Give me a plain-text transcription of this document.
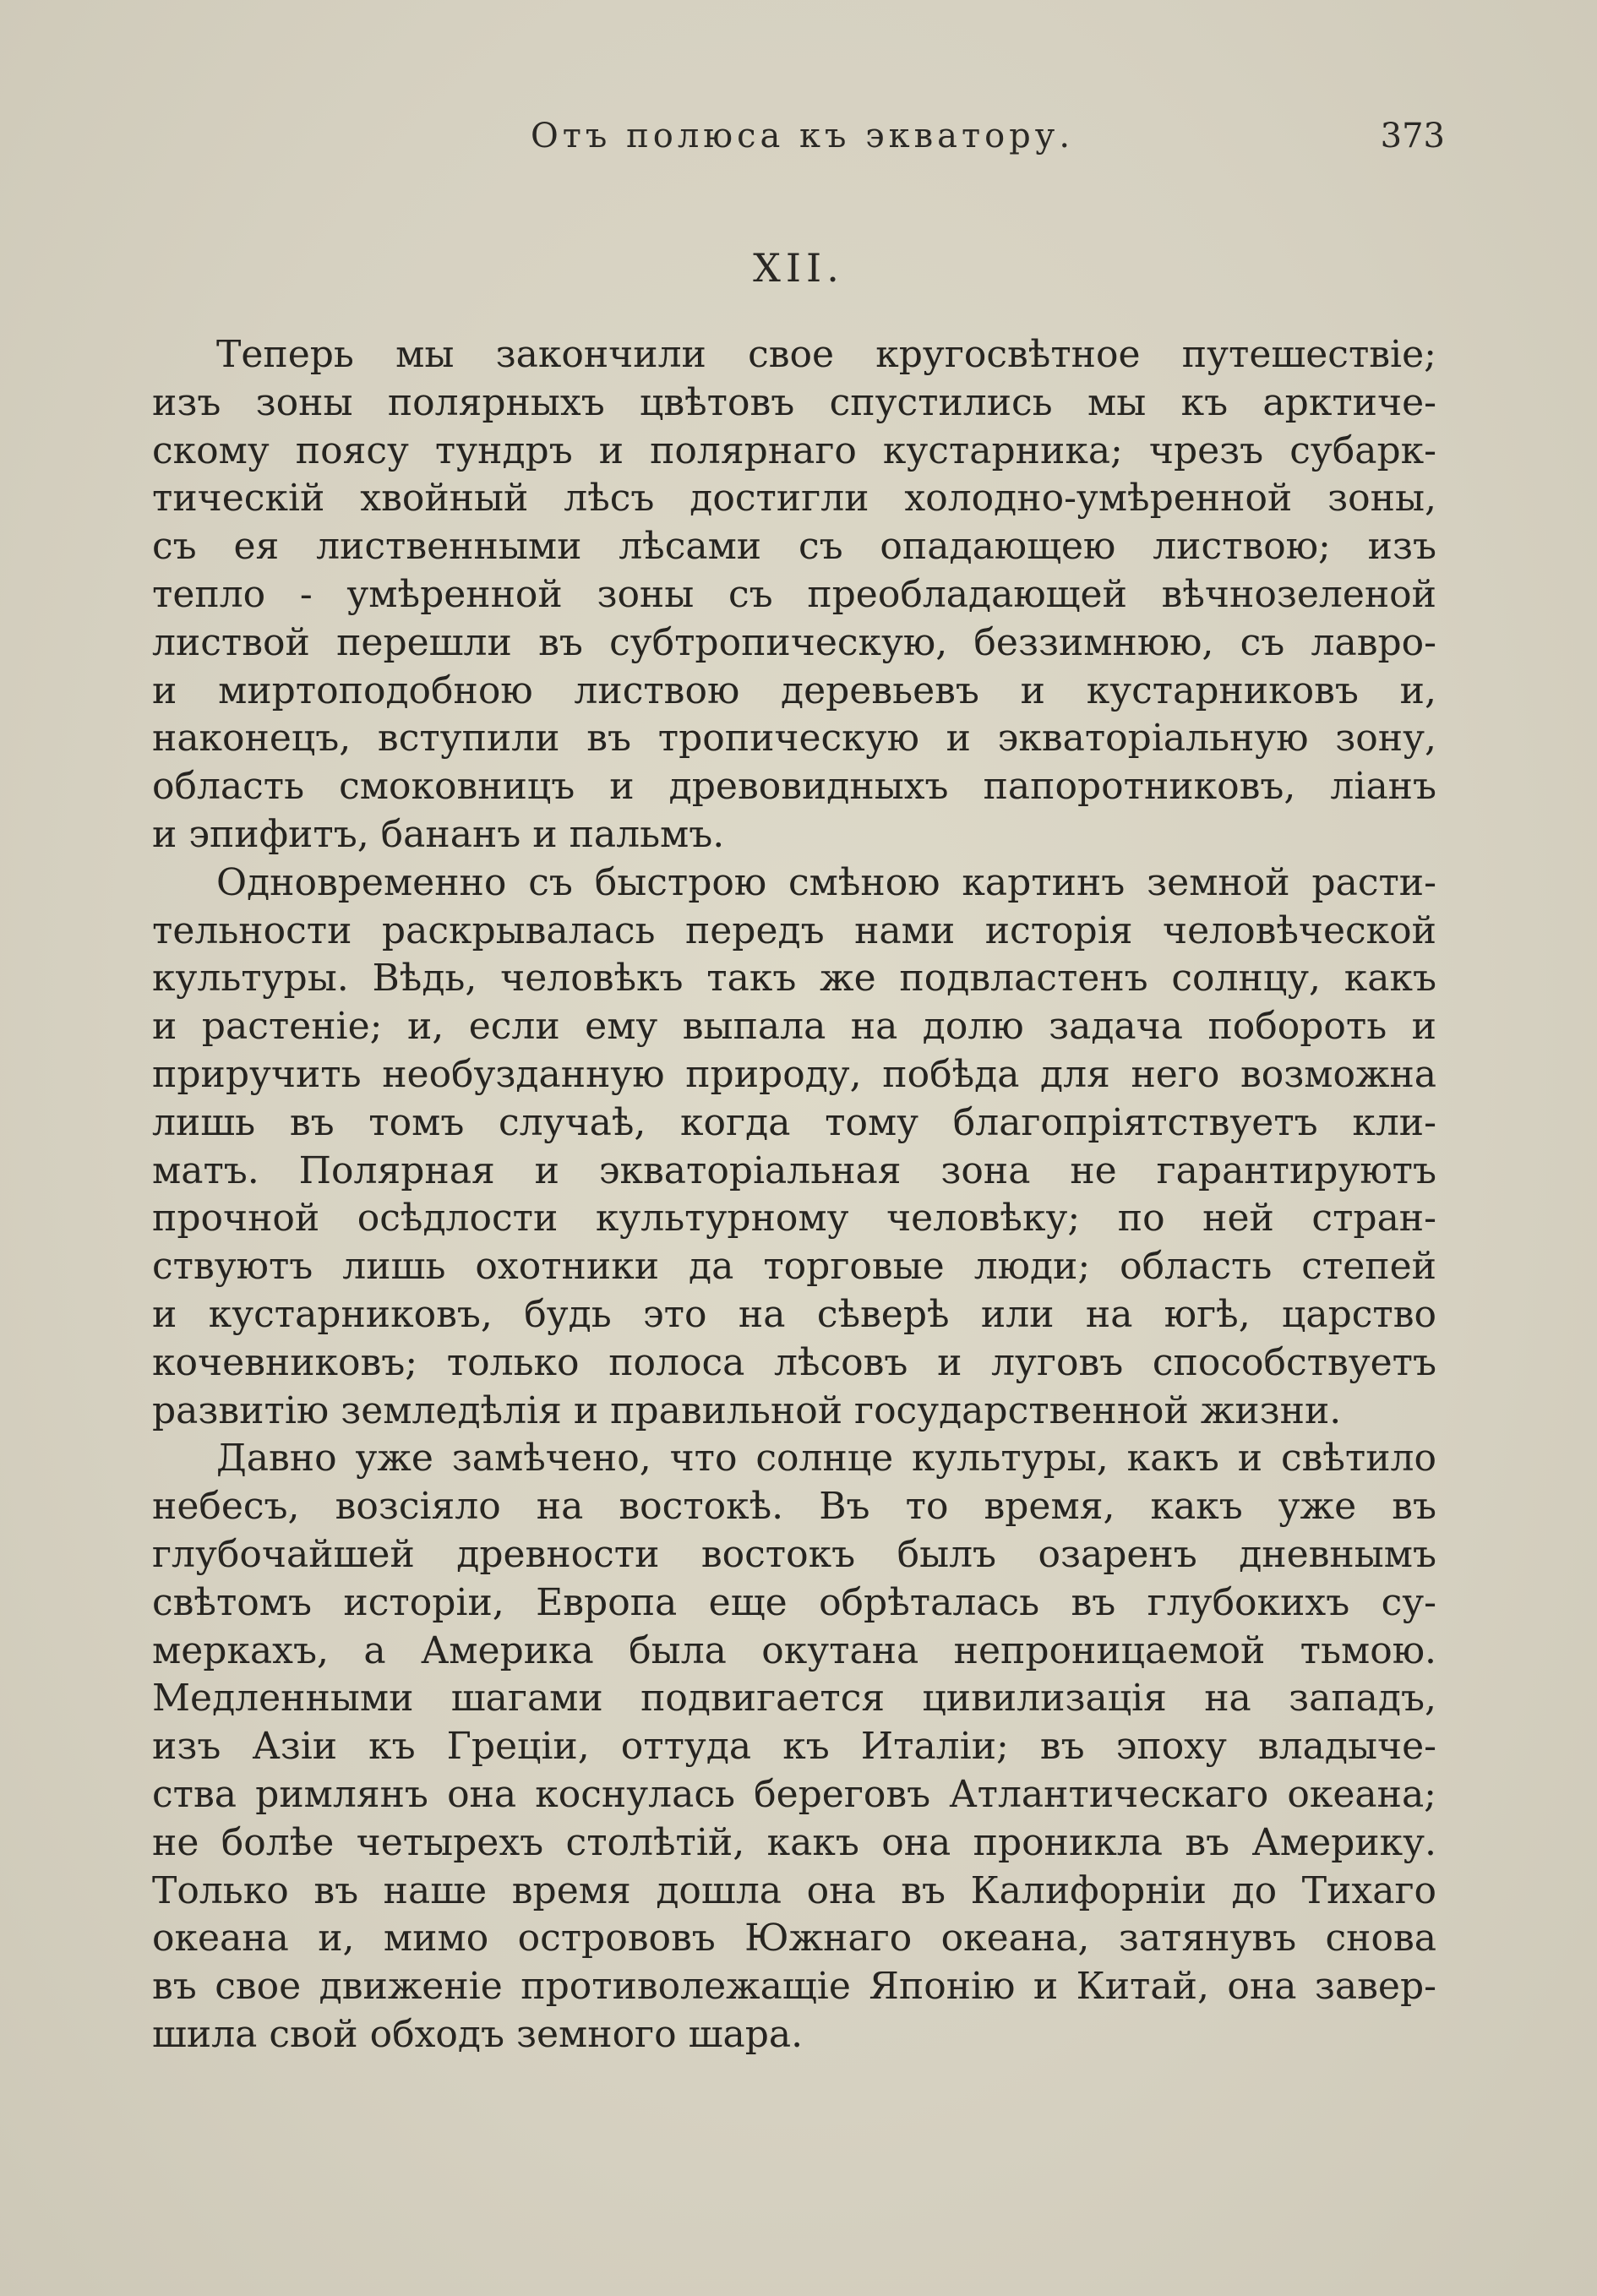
Отъ полюса къ экватору.	373
XII.
Теперь мы закончили свое кругосвѣтное путешествіе;
изъ зоны полярныхъ цвѣтовъ спустились мы къ арктиче-
скому поясу тундръ и полярнаго кустарника; чрезъ субарк-
тическій хвойный лѣсъ достигли холодно-умѣренной зоны,
съ ея лиственными лѣсами съ опадающею листвою; изъ
тепло - умѣренной зоны съ преобладающей вѣчнозеленой
листвой перешли въ субтропическую, беззимнюю, съ лавро-
и миртоподобною листвою деревьевъ и кустарниковъ и,
наконецъ, вступили въ тропическую и экваторіальную зону,
область смоковницъ и древовидныхъ папоротниковъ, ліанъ
и эпифитъ, бананъ и пальмъ.
Одновременно съ быстрою смѣною картинъ земной расти-
тельности раскрывалась передъ нами исторія человѣческой
культуры. Вѣдь, человѣкъ такъ же подвластенъ солнцу, какъ
и растеніе; и, если ему выпала на долю задача побороть и
приручить необузданную природу, побѣда для него возможна
лишь въ томъ случаѣ, когда тому благопріятствуетъ кли-
матъ. Полярная и экваторіальная зона не гарантируютъ
прочной осѣдлости культурному человѣку; по ней стран-
ствуютъ лишь охотники да торговые люди; область степей
и кустарниковъ, будь это на сѣверѣ или на югѣ, царство
кочевниковъ; только полоса лѣсовъ и луговъ способствуетъ
развитію земледѣлія и правильной государственной жизни.
Давно уже замѣчено, что солнце культуры, какъ и свѣтило
небесъ, возсіяло на востокѣ. Въ то время, какъ уже въ
глубочайшей древности востокъ былъ озаренъ дневнымъ
свѣтомъ исторіи, Европа еще обрѣталась въ глубокихъ су-
меркахъ, а Америка была окутана непроницаемой тьмою.
Медленными шагами подвигается цивилизація на западъ,
изъ Азіи къ Греціи, оттуда къ Италіи; въ эпоху владыче-
ства римлянъ она коснулась береговъ Атлантическаго океана;
не болѣе четырехъ столѣтій, какъ она проникла въ Америку.
Только въ наше время дошла она въ Калифорніи до Тихаго
океана и, мимо острововъ Южнаго океана, затянувъ снова
въ свое движеніе противолежащіе Японію и Китай, она завер-
шила свой обходъ земного шара.
